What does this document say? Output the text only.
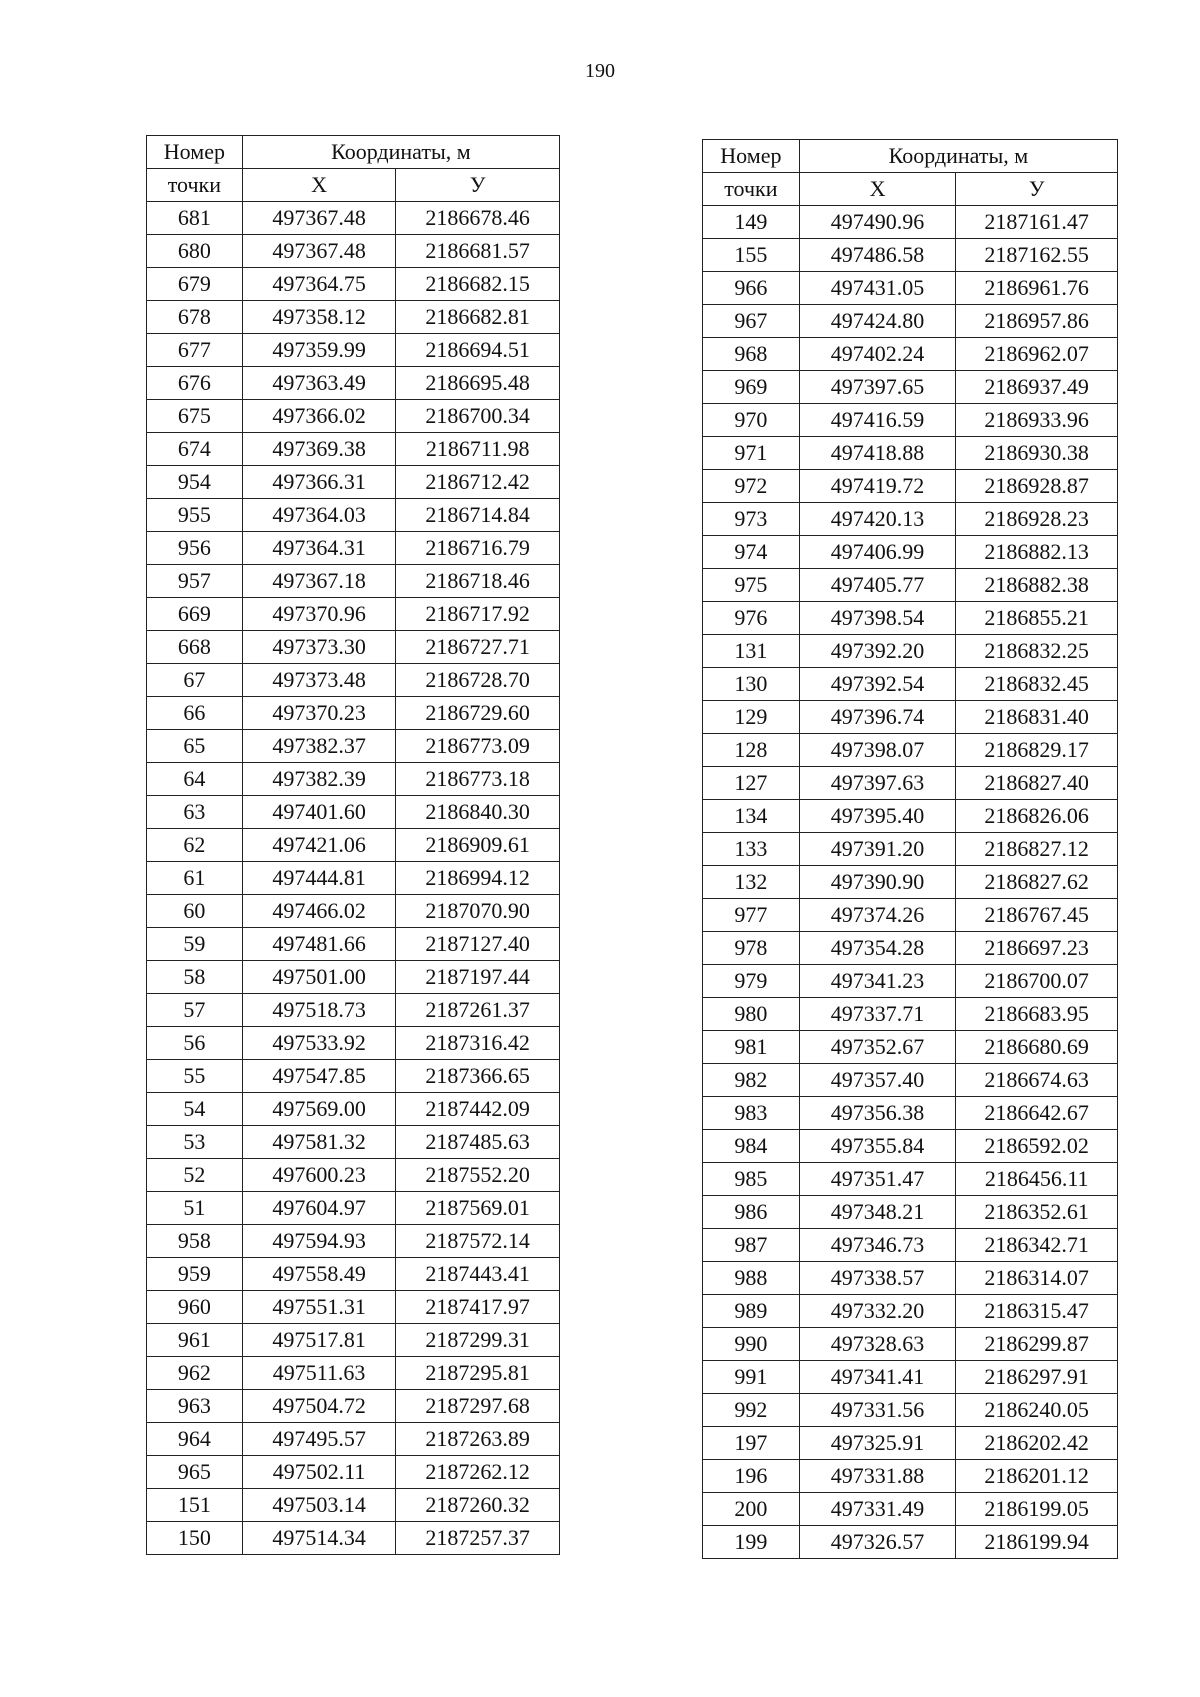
190
Номер	Координаты, м	
точки	X	У
681	497367.48	2186678.46
680	497367.48	2186681.57
679	497364.75	2186682.15
678	497358.12	2186682.81
677	497359.99	2186694.51
676	497363.49	2186695.48
675	497366.02	2186700.34
674	497369.38	2186711.98
954	497366.31	2186712.42
955	497364.03	2186714.84
956	497364.31	2186716.79
957	497367.18	2186718.46
669	497370.96	2186717.92
668	497373.30	2186727.71
67	497373.48	2186728.70
66	497370.23	2186729.60
65	497382.37	2186773.09
64	497382.39	2186773.18
63	497401.60	2186840.30
62	497421.06	2186909.61
61	497444.81	2186994.12
60	497466.02	2187070.90
59	497481.66	2187127.40
58	497501.00	2187197.44
57	497518.73	2187261.37
56	497533.92	2187316.42
55	497547.85	2187366.65
54	497569.00	2187442.09
53	497581.32	2187485.63
52	497600.23	2187552.20
51	497604.97	2187569.01
958	497594.93	2187572.14
959	497558.49	2187443.41
960	497551.31	2187417.97
961	497517.81	2187299.31
962	497511.63	2187295.81
963	497504.72	2187297.68
964	497495.57	2187263.89
965	497502.11	2187262.12
151	497503.14	2187260.32
150	497514.34	2187257.37
Номер	Координаты, м	
точки	X	У
149	497490.96	2187161.47
155	497486.58	2187162.55
966	497431.05	2186961.76
967	497424.80	2186957.86
968	497402.24	2186962.07
969	497397.65	2186937.49
970	497416.59	2186933.96
971	497418.88	2186930.38
972	497419.72	2186928.87
973	497420.13	2186928.23
974	497406.99	2186882.13
975	497405.77	2186882.38
976	497398.54	2186855.21
131	497392.20	2186832.25
130	497392.54	2186832.45
129	497396.74	2186831.40
128	497398.07	2186829.17
127	497397.63	2186827.40
134	497395.40	2186826.06
133	497391.20	2186827.12
132	497390.90	2186827.62
977	497374.26	2186767.45
978	497354.28	2186697.23
979	497341.23	2186700.07
980	497337.71	2186683.95
981	497352.67	2186680.69
982	497357.40	2186674.63
983	497356.38	2186642.67
984	497355.84	2186592.02
985	497351.47	2186456.11
986	497348.21	2186352.61
987	497346.73	2186342.71
988	497338.57	2186314.07
989	497332.20	2186315.47
990	497328.63	2186299.87
991	497341.41	2186297.91
992	497331.56	2186240.05
197	497325.91	2186202.42
196	497331.88	2186201.12
200	497331.49	2186199.05
199	497326.57	2186199.94
